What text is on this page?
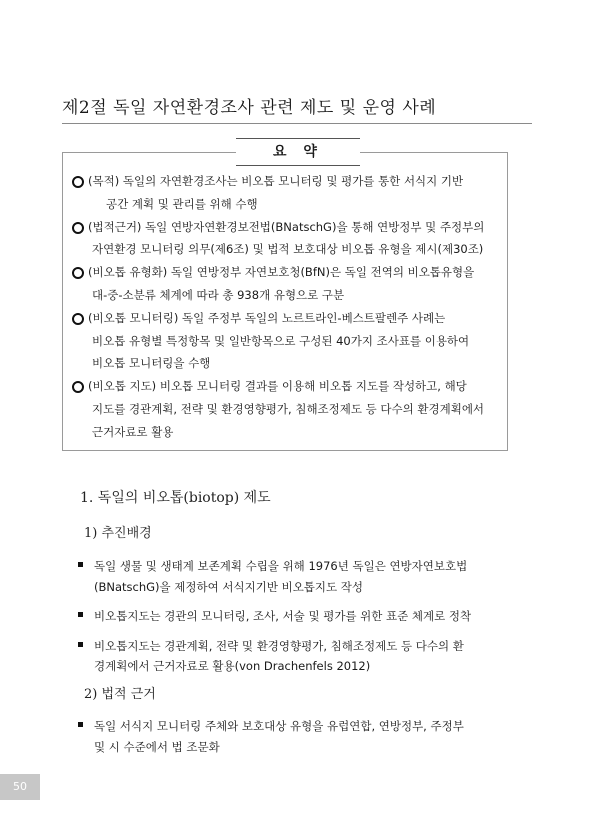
제2절 독일 자연환경조사 관련 제도 및 운영 사례
요 약
(목적) 독일의 자연환경조사는 비오톱 모니터링 및 평가를 통한 서식지 기반
공간 계획 및 관리를 위해 수행
(법적근거) 독일 연방자연환경보전법(BNatschG)을 통해 연방정부 및 주정부의
자연환경 모니터링 의무(제6조) 및 법적 보호대상 비오톱 유형을 제시(제30조)
(비오톱 유형화) 독일 연방정부 자연보호청(BfN)은 독일 전역의 비오톱유형을
대-중-소분류 체계에 따라 총 938개 유형으로 구분
(비오톱 모니터링) 독일 주정부 독일의 노르트라인-베스트팔렌주 사례는
비오톱 유형별 특정항목 및 일반항목으로 구성된 40가지 조사표를 이용하여
비오톱 모니터링을 수행
(비오톱 지도) 비오톱 모니터링 결과를 이용해 비오톱 지도를 작성하고, 해당
지도를 경관계획, 전략 및 환경영향평가, 침해조정제도 등 다수의 환경계획에서
근거자료로 활용
1. 독일의 비오톱(biotop) 제도
1) 추진배경
독일 생물 및 생태계 보존계획 수립을 위해 1976년 독일은 연방자연보호법
(BNatschG)을 제정하여 서식지기반 비오톱지도 작성
비오톱지도는 경관의 모니터링, 조사, 서술 및 평가를 위한 표준 체계로 정착
비오톱지도는 경관계획, 전략 및 환경영향평가, 침해조정제도 등 다수의 환
경계획에서 근거자료로 활용(von Drachenfels 2012)
2) 법적 근거
독일 서식지 모니터링 주체와 보호대상 유형을 유럽연합, 연방정부, 주정부
및 시 수준에서 법 조문화
50
